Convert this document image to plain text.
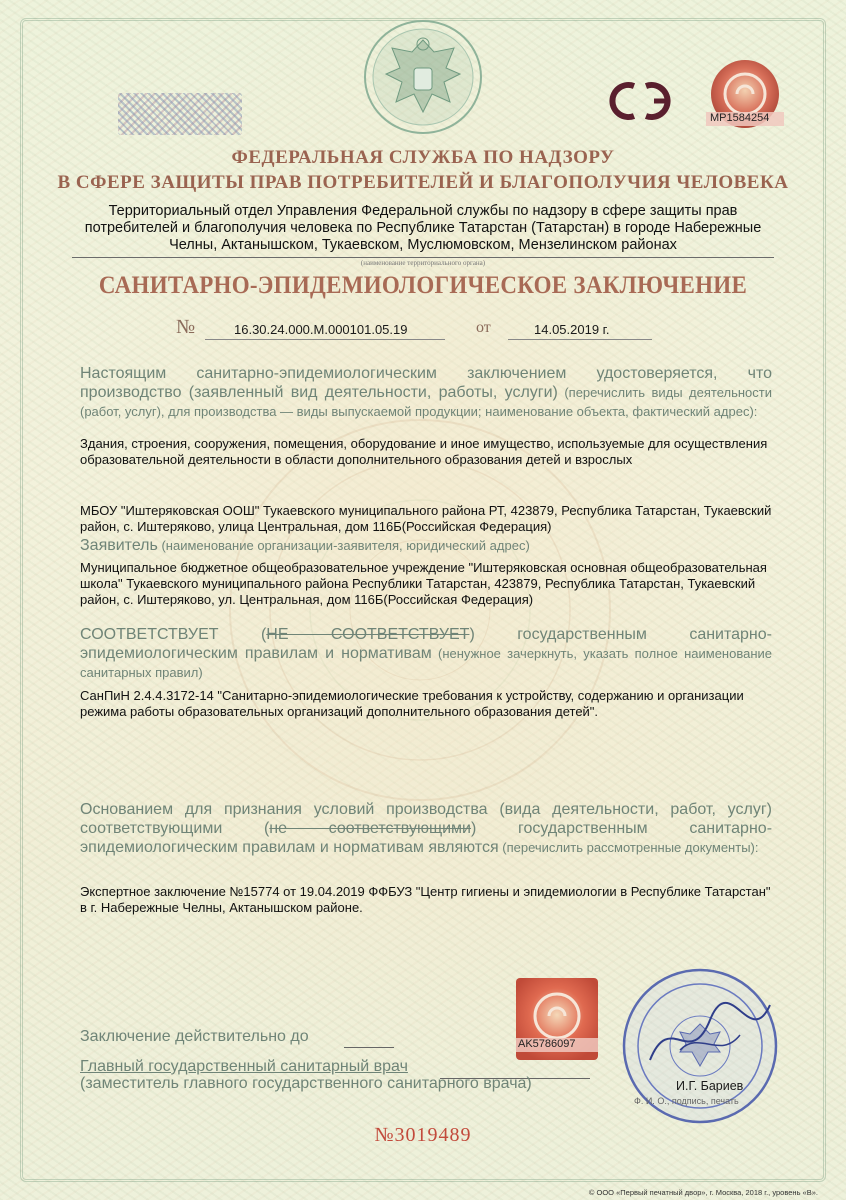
MP1584254
ФЕДЕРАЛЬНАЯ СЛУЖБА ПО НАДЗОРУ
В СФЕРЕ ЗАЩИТЫ ПРАВ ПОТРЕБИТЕЛЕЙ И БЛАГОПОЛУЧИЯ ЧЕЛОВЕКА
Территориальный отдел Управления Федеральной службы по надзору в сфере защиты прав потребителей и благополучия человека по Республике Татарстан (Татарстан) в городе Набережные Челны, Актанышском, Тукаевском, Муслюмовском, Мензелинском районах
(наименование территориального органа)
САНИТАРНО-ЭПИДЕМИОЛОГИЧЕСКОЕ ЗАКЛЮЧЕНИЕ
№	16.30.24.000.М.000101.05.19	от	14.05.2019 г.
Настоящим санитарно-эпидемиологическим заключением удостоверяется, что производство (заявленный вид деятельности, работы, услуги) (перечислить виды деятельности (работ, услуг), для производства — виды выпускаемой продукции; наименование объекта, фактический адрес):
Здания, строения, сооружения, помещения, оборудование и иное имущество, используемые для осуществления образовательной деятельности в области дополнительного образования детей и взрослых
МБОУ "Иштеряковская ООШ" Тукаевского муниципального района РТ, 423879, Республика Татарстан, Тукаевский район, с. Иштеряково, улица Центральная, дом 116Б(Российская Федерация)
Заявитель (наименование организации-заявителя, юридический адрес)
Муниципальное бюджетное общеобразовательное учреждение "Иштеряковская основная общеобразовательная школа" Тукаевского муниципального района Республики Татарстан, 423879, Республика Татарстан, Тукаевский район, с. Иштеряково, ул. Центральная, дом 116Б(Российская Федерация)
СООТВЕТСТВУЕТ (НЕ СООТВЕТСТВУЕТ) государственным санитарно-эпидемиологическим правилам и нормативам (ненужное зачеркнуть, указать полное наименование санитарных правил)
СанПиН 2.4.4.3172-14 "Санитарно-эпидемиологические требования к устройству, содержанию и организации режима работы образовательных организаций дополнительного образования детей".
Основанием для признания условий производства (вида деятельности, работ, услуг) соответствующими (не соответствующими) государственным санитарно-эпидемиологическим правилам и нормативам являются (перечислить рассмотренные документы):
Экспертное заключение №15774 от 19.04.2019 ФФБУЗ "Центр гигиены и эпидемиологии в Республике Татарстан" в г. Набережные Челны, Актанышском районе.
AK5786097
Заключение действительно до
Главный государственный санитарный врач
(заместитель главного государственного санитарного врача)	И.Г. Бариев
Ф. И. О., подпись, печать
№3019489
© ООО «Первый печатный двор», г. Москва, 2018 г., уровень «В».
